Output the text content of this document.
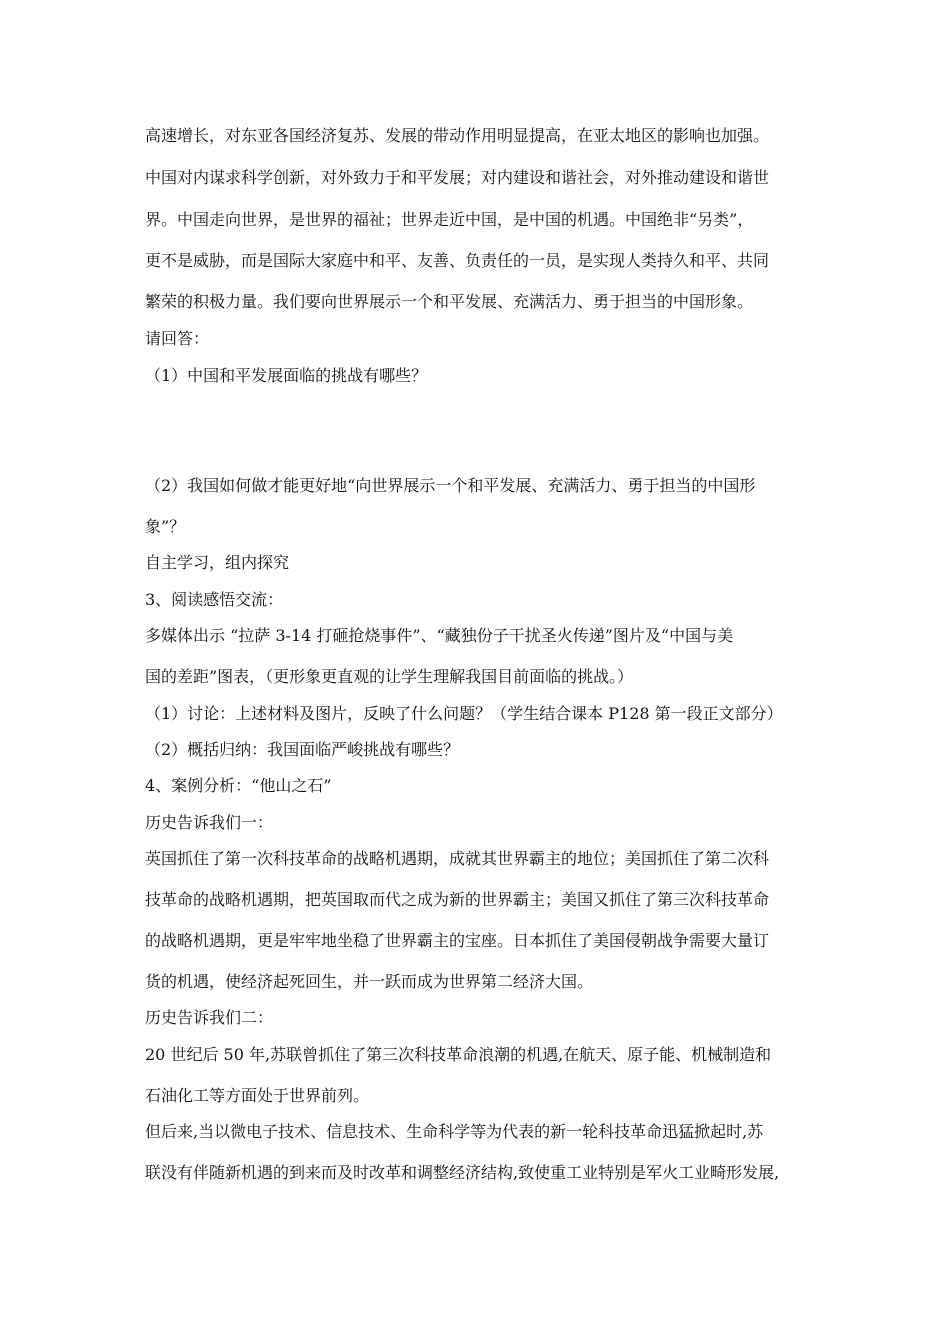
高速增长，对东亚各国经济复苏、发展的带动作用明显提高，在亚太地区的影响也加强。
中国对内谋求科学创新，对外致力于和平发展；对内建设和谐社会，对外推动建设和谐世
界。中国走向世界，是世界的福祉；世界走近中国，是中国的机遇。中国绝非“另类”，
更不是威胁，而是国际大家庭中和平、友善、负责任的一员，是实现人类持久和平、共同
繁荣的积极力量。我们要向世界展示一个和平发展、充满活力、勇于担当的中国形象。
请回答：
（1）中国和平发展面临的挑战有哪些？
（2）我国如何做才能更好地“向世界展示一个和平发展、充满活力、勇于担当的中国形
象”？
自主学习，组内探究
3、阅读感悟交流：
多媒体出示 “拉萨 3-14 打砸抢烧事件”、“藏独份子干扰圣火传递”图片及“中国与美
国的差距”图表，（更形象更直观的让学生理解我国目前面临的挑战。）
（1）讨论：上述材料及图片，反映了什么问题？（学生结合课本 P128 第一段正文部分）
（2）概括归纳：我国面临严峻挑战有哪些？
4、案例分析：“他山之石”
历史告诉我们一：
英国抓住了第一次科技革命的战略机遇期，成就其世界霸主的地位；美国抓住了第二次科
技革命的战略机遇期，把英国取而代之成为新的世界霸主；美国又抓住了第三次科技革命
的战略机遇期，更是牢牢地坐稳了世界霸主的宝座。日本抓住了美国侵朝战争需要大量订
货的机遇，使经济起死回生，并一跃而成为世界第二经济大国。
历史告诉我们二：
20 世纪后 50 年,苏联曾抓住了第三次科技革命浪潮的机遇,在航天、原子能、机械制造和
石油化工等方面处于世界前列。
但后来,当以微电子技术、信息技术、生命科学等为代表的新一轮科技革命迅猛掀起时,苏
联没有伴随新机遇的到来而及时改革和调整经济结构,致使重工业特别是军火工业畸形发展,
